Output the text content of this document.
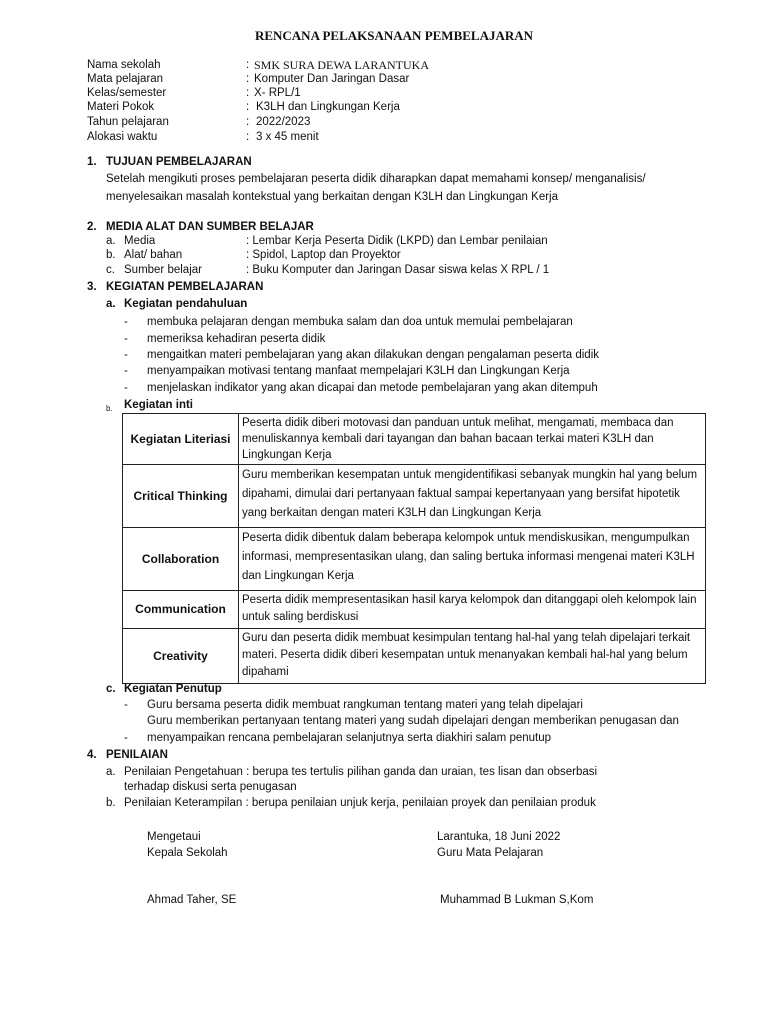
RENCANA PELAKSANAAN PEMBELAJARAN
Nama sekolah	: SMK SURA DEWA LARANTUKA
Mata pelajaran	: Komputer Dan Jaringan Dasar
Kelas/semester	: X- RPL/1
Materi Pokok	: K3LH dan Lingkungan Kerja
Tahun pelajaran	: 2022/2023
Alokasi waktu	: 3 x 45 menit
1. TUJUAN PEMBELAJARAN
Setelah mengikuti proses pembelajaran peserta didik diharapkan dapat memahami konsep/ menganalisis/
menyelesaikan masalah kontekstual yang berkaitan dengan K3LH dan Lingkungan Kerja
2. MEDIA ALAT DAN SUMBER BELAJAR
a. Media	: Lembar Kerja Peserta Didik (LKPD) dan Lembar penilaian
b. Alat/ bahan	: Spidol, Laptop dan Proyektor
c. Sumber belajar	: Buku Komputer dan Jaringan Dasar siswa kelas X RPL / 1
3. KEGIATAN PEMBELAJARAN
a. Kegiatan pendahuluan
- membuka pelajaran dengan membuka salam dan doa untuk memulai pembelajaran
- memeriksa kehadiran peserta didik
- mengaitkan materi pembelajaran yang akan dilakukan dengan pengalaman peserta didik
- menyampaikan motivasi tentang manfaat mempelajari K3LH dan Lingkungan Kerja
- menjelaskan indikator yang akan dicapai dan metode pembelajaran yang akan ditempuh
b. Kegiatan inti
Kegiatan Literiasi	Peserta didik diberi motovasi dan panduan untuk melihat, mengamati, membaca dan menuliskannya kembali dari tayangan dan bahan bacaan terkai materi K3LH dan Lingkungan Kerja
Critical Thinking	Guru memberikan kesempatan untuk mengidentifikasi sebanyak mungkin hal yang belum dipahami, dimulai dari pertanyaan faktual sampai kepertanyaan yang bersifat hipotetik yang berkaitan dengan materi K3LH dan Lingkungan Kerja
Collaboration	Peserta didik dibentuk dalam beberapa kelompok untuk mendiskusikan, mengumpulkan informasi, mempresentasikan ulang, dan saling bertuka informasi mengenai materi K3LH dan Lingkungan Kerja
Communication	Peserta didik mempresentasikan hasil karya kelompok dan ditanggapi oleh kelompok lain untuk saling berdiskusi
Creativity	Guru dan peserta didik membuat kesimpulan tentang hal-hal yang telah dipelajari terkait materi. Peserta didik diberi kesempatan untuk menanyakan kembali hal-hal yang belum dipahami
c. Kegiatan Penutup
- Guru bersama peserta didik membuat rangkuman tentang materi yang telah dipelajari
Guru memberikan pertanyaan tentang materi yang sudah dipelajari dengan memberikan penugasan dan
- menyampaikan rencana pembelajaran selanjutnya serta diakhiri salam penutup
4. PENILAIAN
a. Penilaian Pengetahuan : berupa tes tertulis pilihan ganda dan uraian, tes lisan dan obserbasi
terhadap diskusi serta penugasan
b. Penilaian Keterampilan : berupa penilaian unjuk kerja, penilaian proyek dan penilaian produk
Mengetaui
Kepala Sekolah
Ahmad Taher, SE
Larantuka, 18 Juni 2022
Guru Mata Pelajaran
Muhammad B Lukman S,Kom
